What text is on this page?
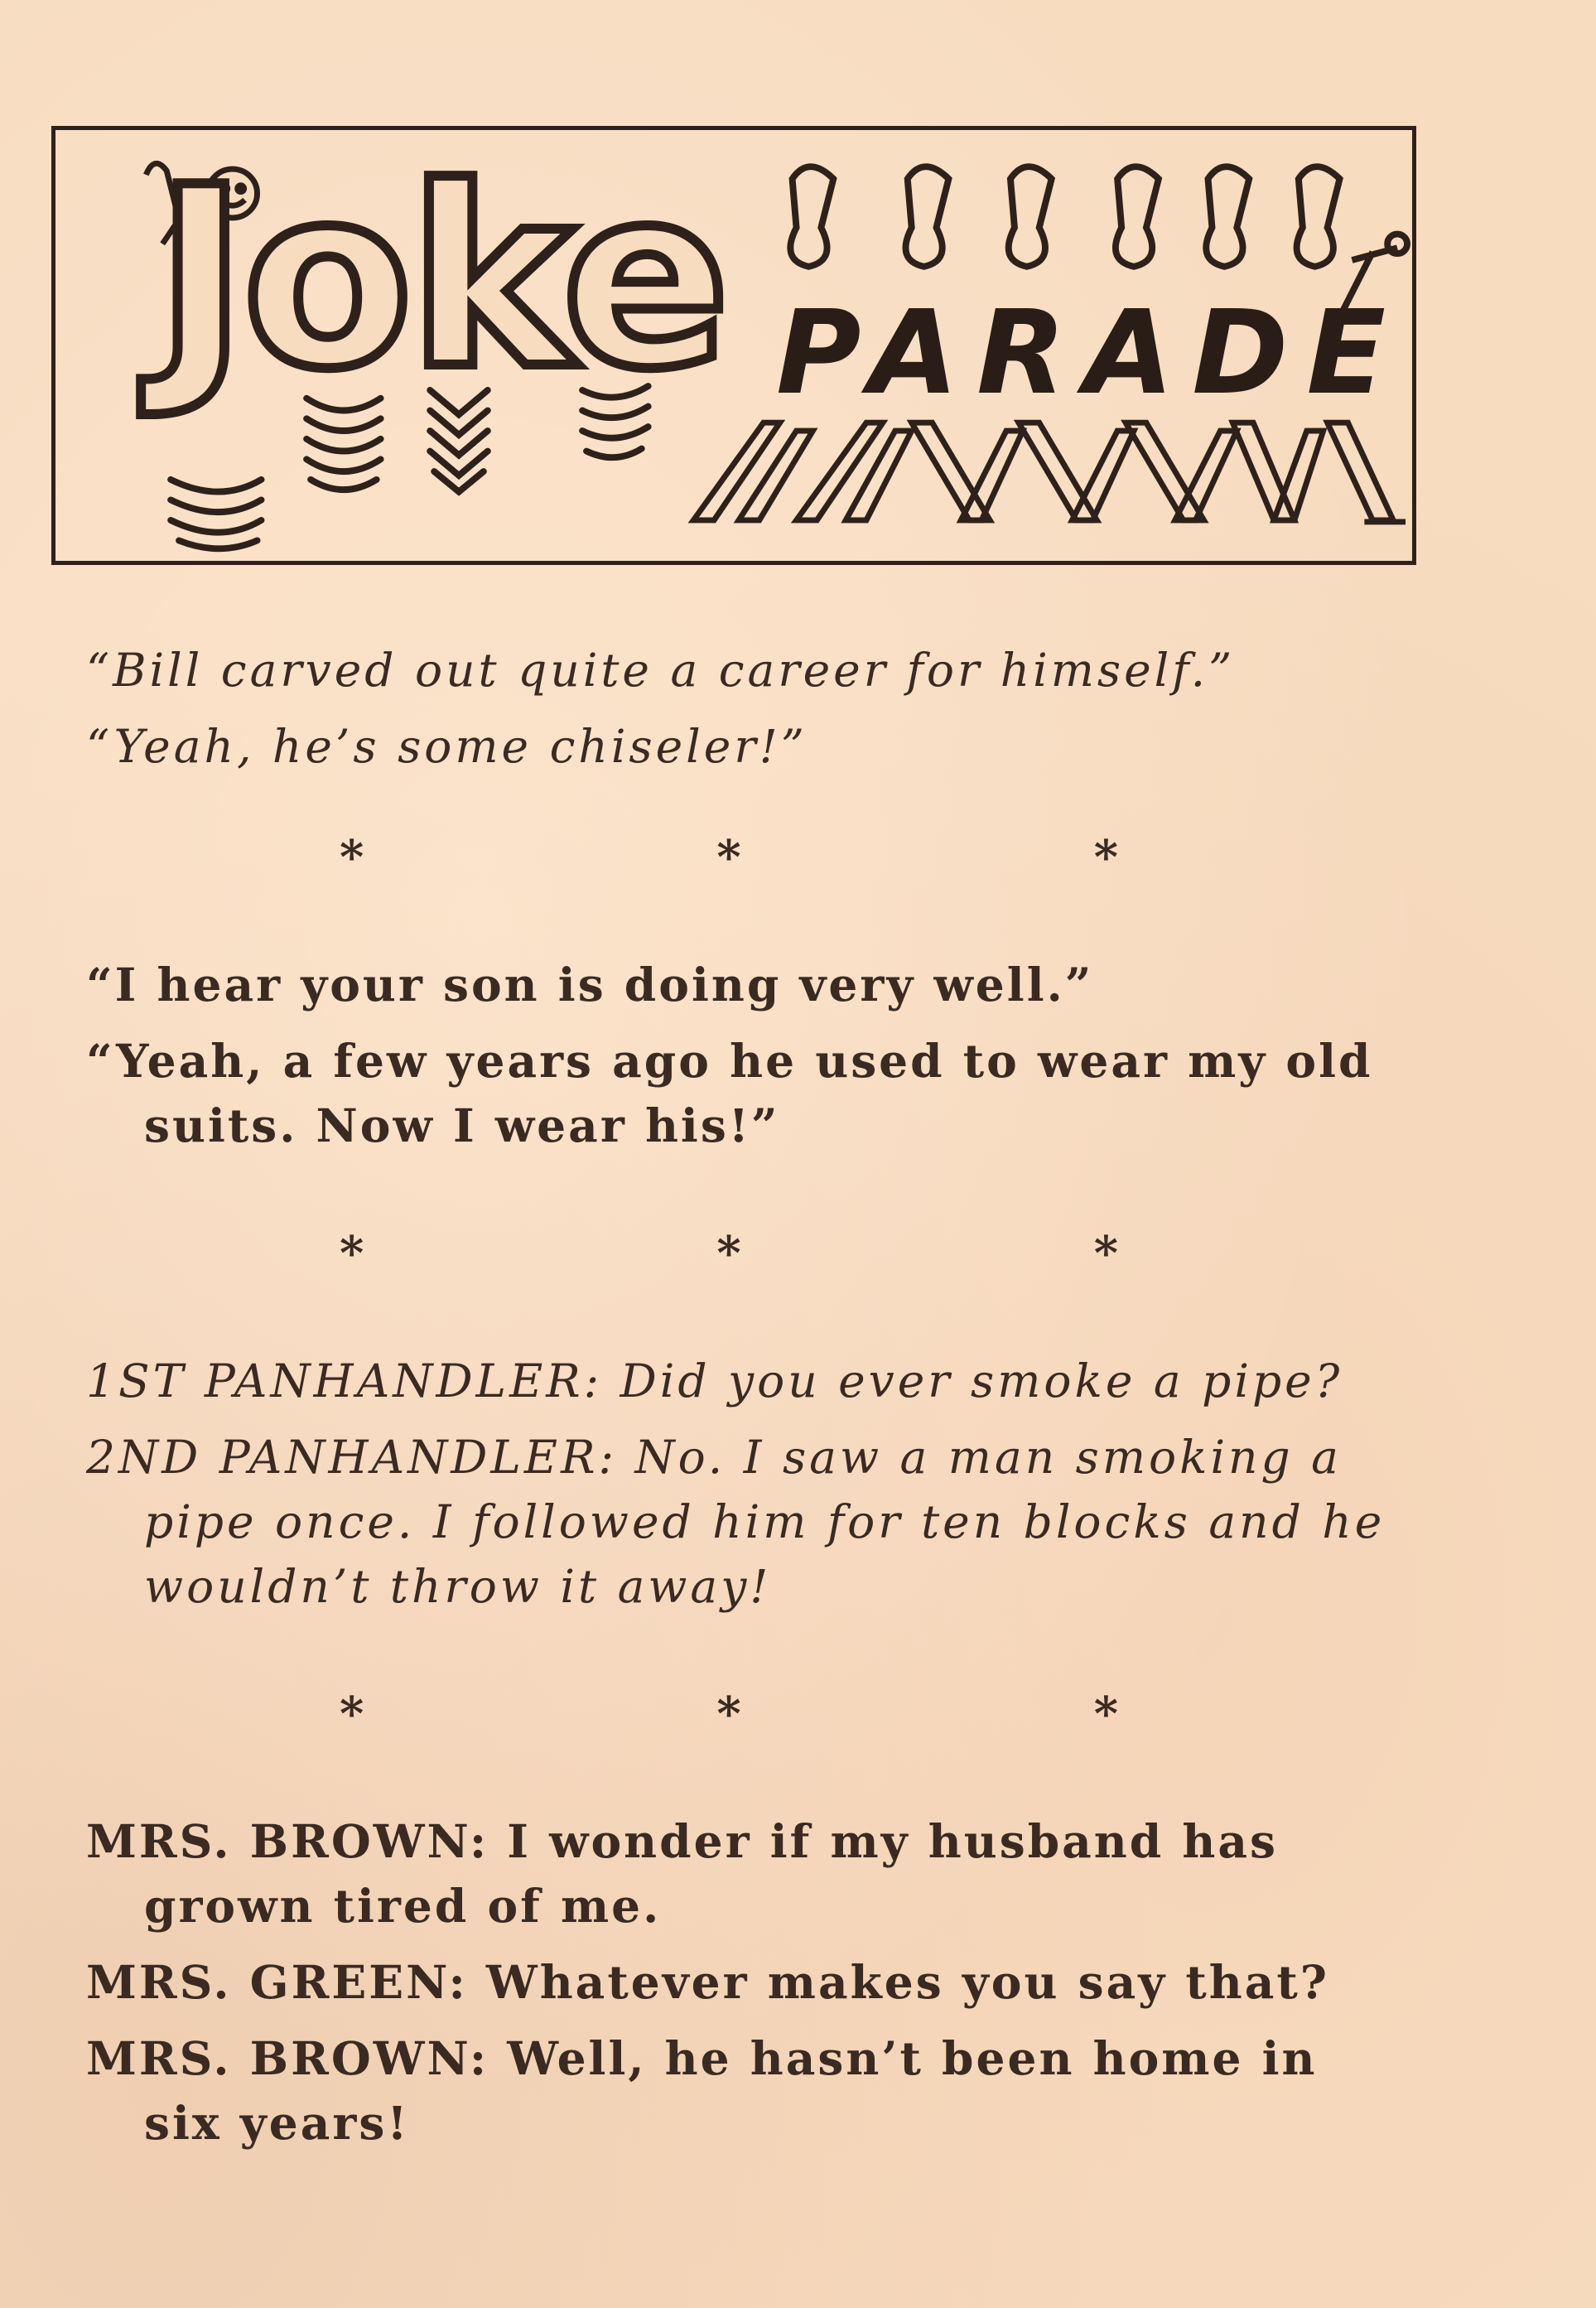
Joke PARADE

“Bill carved out quite a career for himself.”

“Yeah, he’s some chiseler!”

*	*	*

“I hear your son is doing very well.”

“Yeah, a few years ago he used to wear my old suits. Now I wear his!”

*	*	*

1ST PANHANDLER: Did you ever smoke a pipe?

2ND PANHANDLER: No. I saw a man smoking a pipe once. I followed him for ten blocks and he wouldn’t throw it away!

*	*	*

MRS. BROWN: I wonder if my husband has grown tired of me.

MRS. GREEN: Whatever makes you say that?

MRS. BROWN: Well, he hasn’t been home in six years!
